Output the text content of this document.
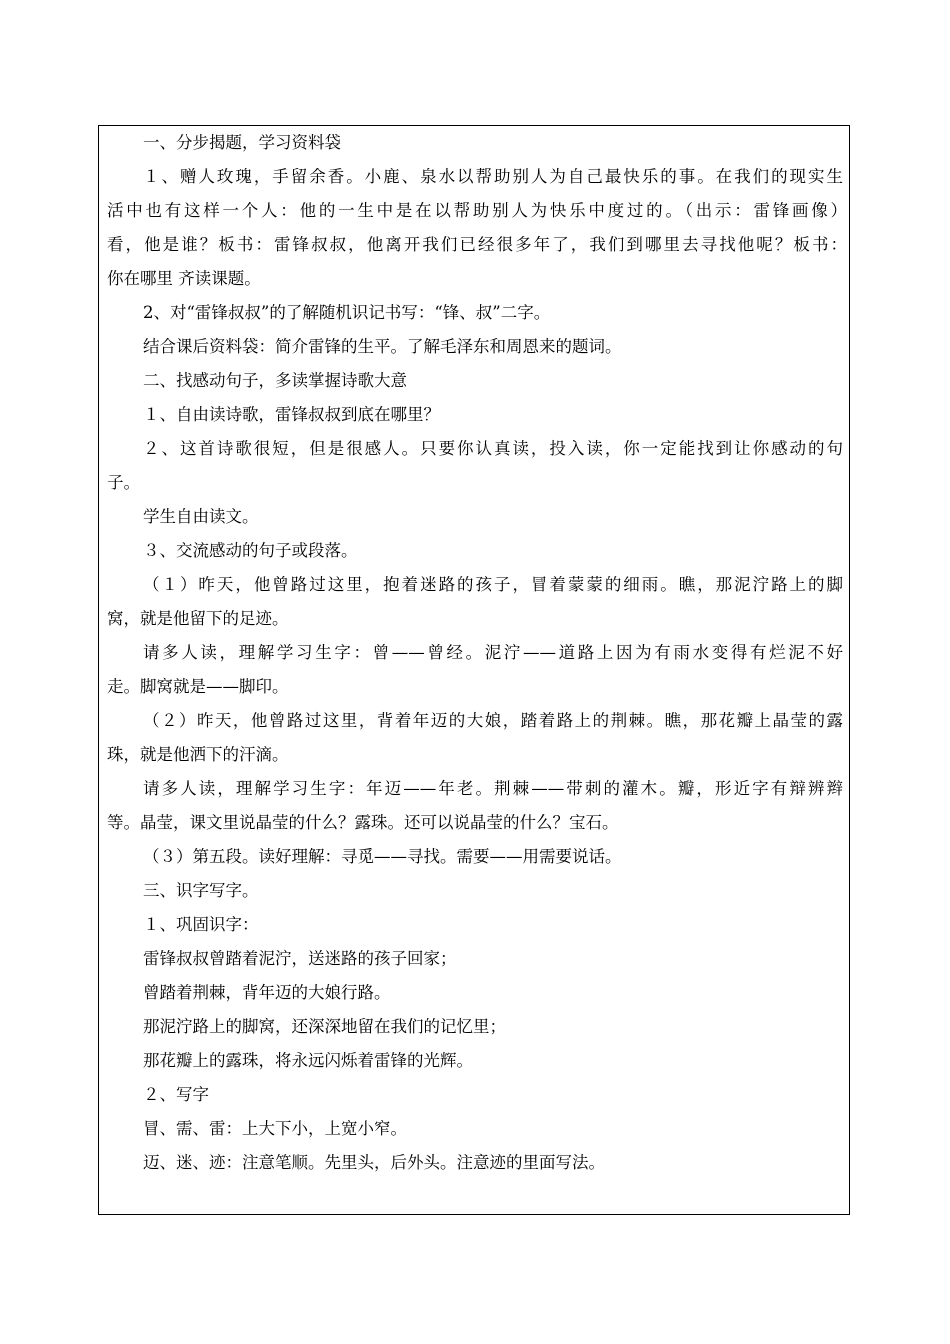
一、分步揭题，学习资料袋
１、赠人玫瑰，手留余香。小鹿、泉水以帮助别人为自己最快乐的事。在我们的现实生
活中也有这样一个人：他的一生中是在以帮助别人为快乐中度过的。（出示：雷锋画像）
看，他是谁？板书：雷锋叔叔，他离开我们已经很多年了，我们到哪里去寻找他呢？板书：
你在哪里 齐读课题。
2、对“雷锋叔叔”的了解随机识记书写：“锋、叔”二字。
结合课后资料袋：简介雷锋的生平。了解毛泽东和周恩来的题词。
二、找感动句子，多读掌握诗歌大意
１、自由读诗歌，雷锋叔叔到底在哪里？
２、这首诗歌很短，但是很感人。只要你认真读，投入读，你一定能找到让你感动的句
子。
学生自由读文。
３、交流感动的句子或段落。
（１）昨天，他曾路过这里，抱着迷路的孩子，冒着蒙蒙的细雨。瞧，那泥泞路上的脚
窝，就是他留下的足迹。
请多人读，理解学习生字：曾——曾经。泥泞——道路上因为有雨水变得有烂泥不好
走。脚窝就是——脚印。
（２）昨天，他曾路过这里，背着年迈的大娘，踏着路上的荆棘。瞧，那花瓣上晶莹的露
珠，就是他洒下的汗滴。
请多人读，理解学习生字：年迈——年老。荆棘——带刺的灌木。瓣，形近字有辩辨辫
等。晶莹，课文里说晶莹的什么？露珠。还可以说晶莹的什么？宝石。
（３）第五段。读好理解：寻觅——寻找。需要——用需要说话。
三、识字写字。
１、巩固识字：
雷锋叔叔曾踏着泥泞，送迷路的孩子回家；
曾踏着荆棘，背年迈的大娘行路。
那泥泞路上的脚窝，还深深地留在我们的记忆里；
那花瓣上的露珠，将永远闪烁着雷锋的光辉。
２、写字
冒、需、雷：上大下小，上宽小窄。
迈、迷、迹：注意笔顺。先里头，后外头。注意迹的里面写法。
